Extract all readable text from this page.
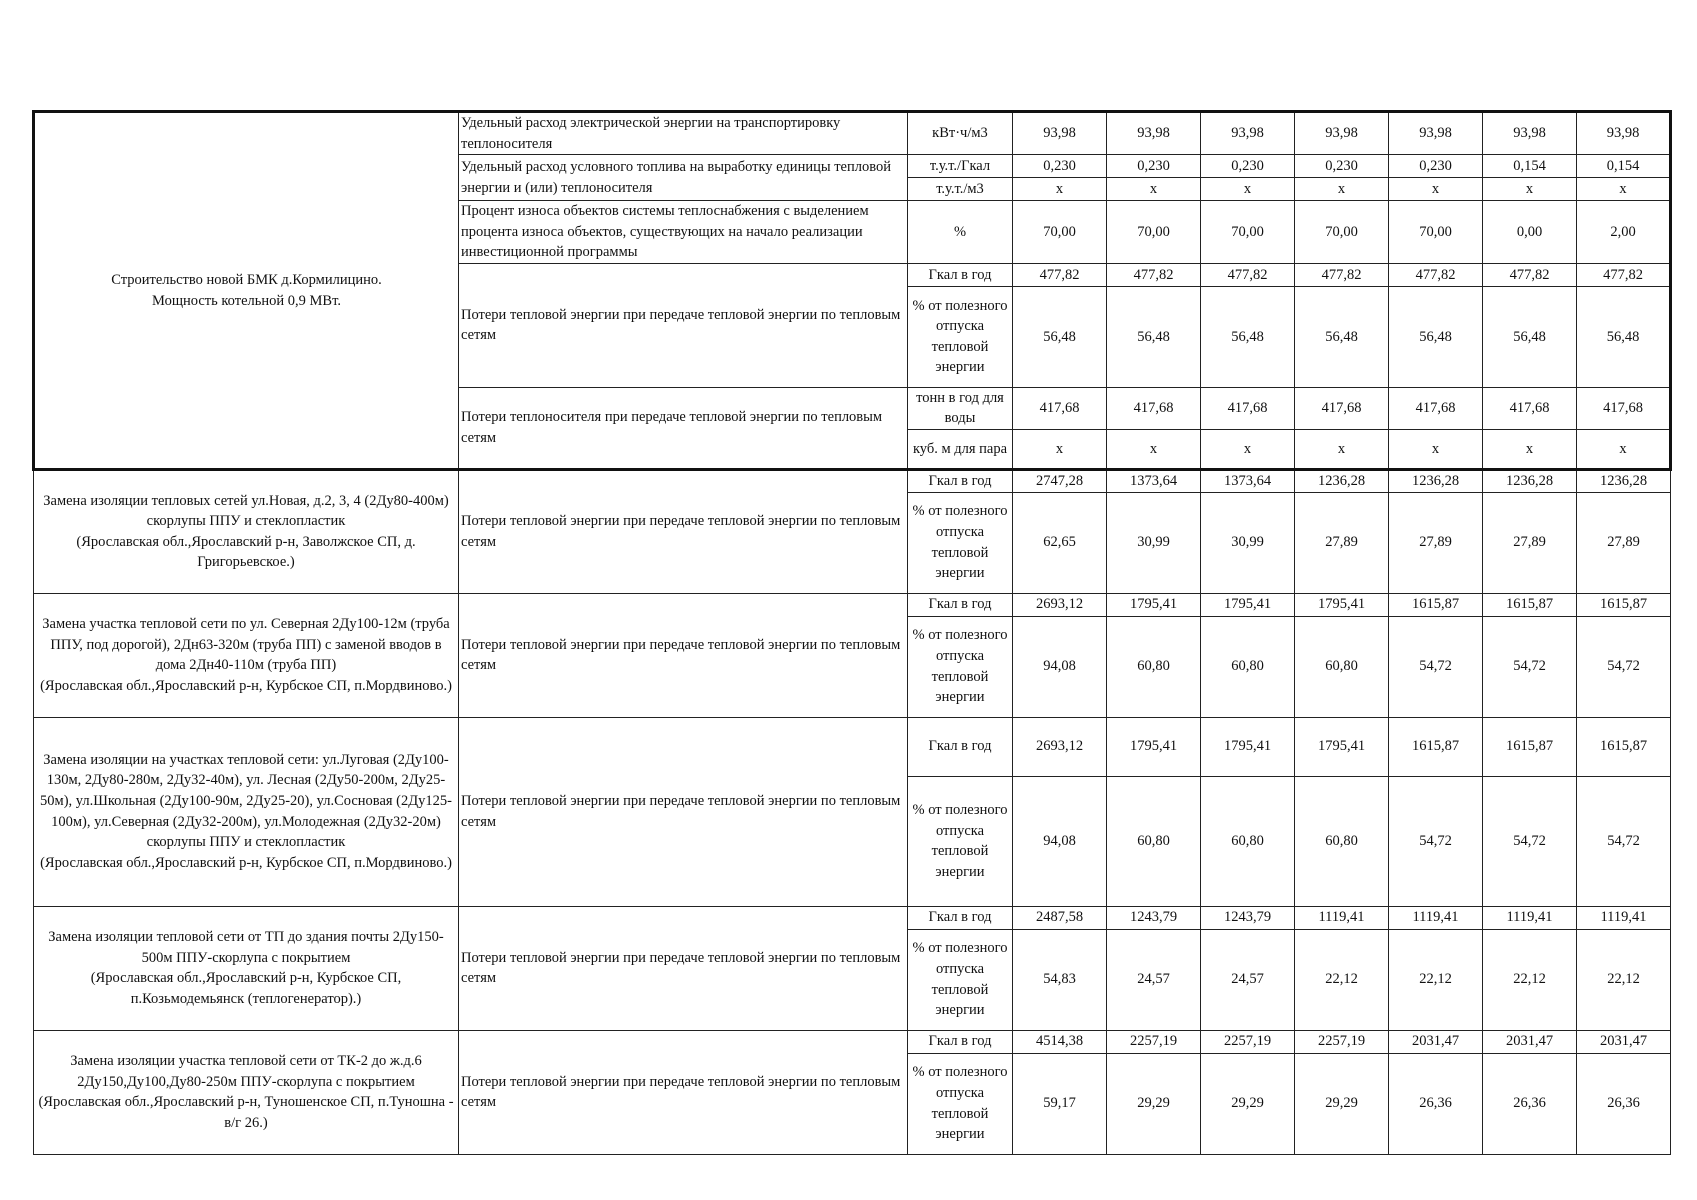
Строительство новой БМК д.Кормилицино.
Мощность котельной 0,9 МВт.	Удельный расход электрической энергии на транспортировку теплоносителя	кВт·ч/м3	93,98	93,98	93,98	93,98	93,98	93,98	93,98
	Удельный расход условного топлива на выработку единицы тепловой энергии и (или) теплоносителя	т.у.т./Гкал	0,230	0,230	0,230	0,230	0,230	0,154	0,154
		т.у.т./м3	x	x	x	x	x	x	x
	Процент износа объектов системы теплоснабжения с выделением процента износа объектов, существующих на начало реализации инвестиционной программы	%	70,00	70,00	70,00	70,00	70,00	0,00	2,00
	Потери тепловой энергии при передаче тепловой энергии по тепловым сетям	Гкал в год	477,82	477,82	477,82	477,82	477,82	477,82	477,82
		% от полезного отпуска тепловой энергии	56,48	56,48	56,48	56,48	56,48	56,48	56,48
	Потери теплоносителя при передаче тепловой энергии по тепловым сетям	тонн в год для воды	417,68	417,68	417,68	417,68	417,68	417,68	417,68
		куб. м для пара	x	x	x	x	x	x	x
Замена изоляции тепловых сетей ул.Новая, д.2, 3, 4 (2Ду80-400м) скорлупы ППУ и стеклопластик
(Ярославская обл.,Ярославский р-н, Заволжское СП, д. Григорьевское.)	Потери тепловой энергии при передаче тепловой энергии по тепловым сетям	Гкал в год	2747,28	1373,64	1373,64	1236,28	1236,28	1236,28	1236,28
		% от полезного отпуска тепловой энергии	62,65	30,99	30,99	27,89	27,89	27,89	27,89
Замена участка тепловой сети по ул. Северная 2Ду100-12м (труба ППУ, под дорогой), 2Дн63-320м (труба ПП) с заменой вводов в дома 2Дн40-110м (труба ПП)
(Ярославская обл.,Ярославский р-н, Курбское СП, п.Мордвиново.)	Потери тепловой энергии при передаче тепловой энергии по тепловым сетям	Гкал в год	2693,12	1795,41	1795,41	1795,41	1615,87	1615,87	1615,87
		% от полезного отпуска тепловой энергии	94,08	60,80	60,80	60,80	54,72	54,72	54,72
Замена изоляции на участках тепловой сети: ул.Луговая (2Ду100-130м, 2Ду80-280м, 2Ду32-40м), ул. Лесная (2Ду50-200м, 2Ду25-50м), ул.Школьная (2Ду100-90м, 2Ду25-20), ул.Сосновая (2Ду125-100м), ул.Северная (2Ду32-200м), ул.Молодежная (2Ду32-20м) скорлупы ППУ и стеклопластик
(Ярославская обл.,Ярославский р-н, Курбское СП, п.Мордвиново.)	Потери тепловой энергии при передаче тепловой энергии по тепловым сетям	Гкал в год	2693,12	1795,41	1795,41	1795,41	1615,87	1615,87	1615,87
		% от полезного отпуска тепловой энергии	94,08	60,80	60,80	60,80	54,72	54,72	54,72
Замена изоляции тепловой сети от ТП до здания почты 2Ду150-500м ППУ-скорлупа с покрытием
(Ярославская обл.,Ярославский р-н, Курбское СП, п.Козьмодемьянск (теплогенератор).)	Потери тепловой энергии при передаче тепловой энергии по тепловым сетям	Гкал в год	2487,58	1243,79	1243,79	1119,41	1119,41	1119,41	1119,41
		% от полезного отпуска тепловой энергии	54,83	24,57	24,57	22,12	22,12	22,12	22,12
Замена изоляции участка тепловой сети от ТК-2 до ж.д.6 2Ду150,Ду100,Ду80-250м ППУ-скорлупа с покрытием
(Ярославская обл.,Ярославский р-н, Туношенское СП, п.Туношна - в/г 26.)	Потери тепловой энергии при передаче тепловой энергии по тепловым сетям	Гкал в год	4514,38	2257,19	2257,19	2257,19	2031,47	2031,47	2031,47
		% от полезного отпуска тепловой энергии	59,17	29,29	29,29	29,29	26,36	26,36	26,36
